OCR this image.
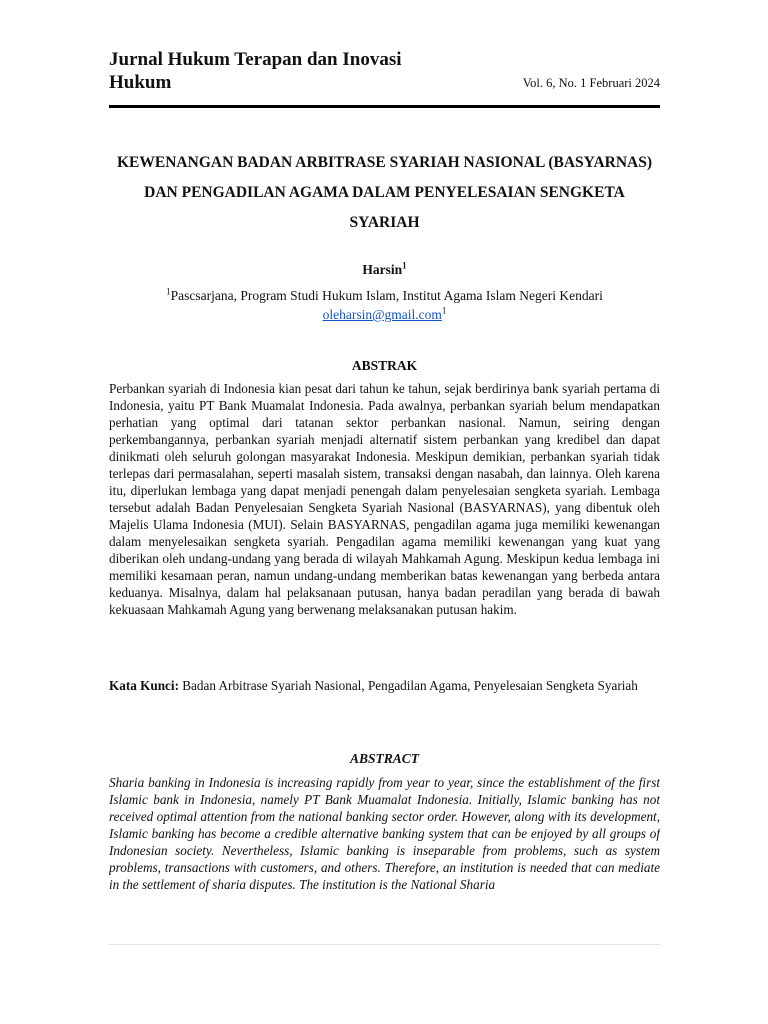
Jurnal Hukum Terapan dan Inovasi Hukum	Vol. 6, No. 1 Februari 2024
KEWENANGAN BADAN ARBITRASE SYARIAH NASIONAL (BASYARNAS) DAN PENGADILAN AGAMA DALAM PENYELESAIAN SENGKETA SYARIAH
Harsin$^1$
$^1$Pascsarjana, Program Studi Hukum Islam, Institut Agama Islam Negeri Kendari
oleharsin@gmail.com$^1$
ABSTRAK
Perbankan syariah di Indonesia kian pesat dari tahun ke tahun, sejak berdirinya bank syariah pertama di Indonesia, yaitu PT Bank Muamalat Indonesia. Pada awalnya, perbankan syariah belum mendapatkan perhatian yang optimal dari tatanan sektor perbankan nasional. Namun, seiring dengan perkembangannya, perbankan syariah menjadi alternatif sistem perbankan yang kredibel dan dapat dinikmati oleh seluruh golongan masyarakat Indonesia. Meskipun demikian, perbankan syariah tidak terlepas dari permasalahan, seperti masalah sistem, transaksi dengan nasabah, dan lainnya. Oleh karena itu, diperlukan lembaga yang dapat menjadi penengah dalam penyelesaian sengketa syariah. Lembaga tersebut adalah Badan Penyelesaian Sengketa Syariah Nasional (BASYARNAS), yang dibentuk oleh Majelis Ulama Indonesia (MUI). Selain BASYARNAS, pengadilan agama juga memiliki kewenangan dalam menyelesaikan sengketa syariah. Pengadilan agama memiliki kewenangan yang kuat yang diberikan oleh undang-undang yang berada di wilayah Mahkamah Agung. Meskipun kedua lembaga ini memiliki kesamaan peran, namun undang-undang memberikan batas kewenangan yang berbeda antara keduanya. Misalnya, dalam hal pelaksanaan putusan, hanya badan peradilan yang berada di bawah kekuasaan Mahkamah Agung yang berwenang melaksanakan putusan hakim.
Kata Kunci: Badan Arbitrase Syariah Nasional, Pengadilan Agama, Penyelesaian Sengketa Syariah
ABSTRACT
Sharia banking in Indonesia is increasing rapidly from year to year, since the establishment of the first Islamic bank in Indonesia, namely PT Bank Muamalat Indonesia. Initially, Islamic banking has not received optimal attention from the national banking sector order. However, along with its development, Islamic banking has become a credible alternative banking system that can be enjoyed by all groups of Indonesian society. Nevertheless, Islamic banking is inseparable from problems, such as system problems, transactions with customers, and others. Therefore, an institution is needed that can mediate in the settlement of sharia disputes. The institution is the National Sharia
